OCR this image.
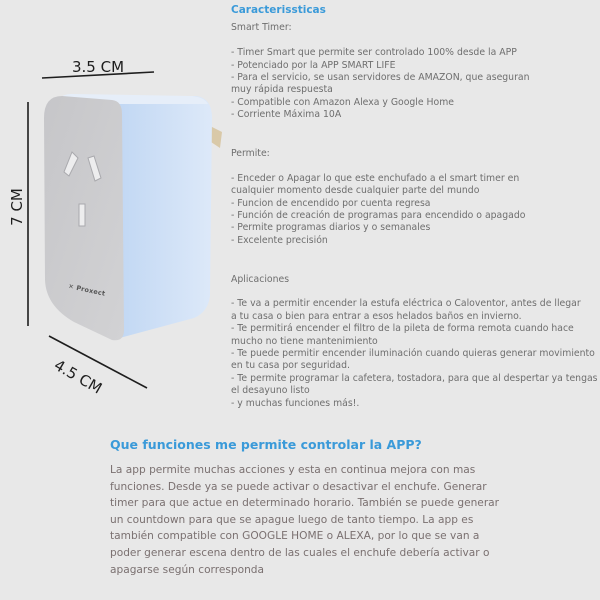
3.5 CM
7 CM
4.5 CM
✕ Proxect
Caracterissticas

Smart Timer:

- Timer Smart que permite ser controlado 100% desde la APP
- Potenciado por la APP SMART LIFE
- Para el servicio, se usan servidores de AMAZON, que aseguran muy rápida respuesta
- Compatible con Amazon Alexa y Google Home
- Corriente Máxima 10A

Permite:

- Enceder o Apagar lo que este enchufado a el smart timer en cualquier momento desde cualquier parte del mundo
- Funcion de encendido por cuenta regresa
- Función de creación de programas para encendido o apagado
- Permite programas diarios y o semanales
- Excelente precisión

Aplicaciones

- Te va a permitir encender la estufa eléctrica o Caloventor, antes de llegar a tu casa o bien para entrar a esos helados baños en invierno.
- Te permitirá encender el filtro de la pileta de forma remota cuando hace mucho no tiene mantenimiento
- Te puede permitir encender iluminación cuando quieras generar movimiento en tu casa por seguridad.
- Te permite programar la cafetera, tostadora, para que al despertar ya tengas el desayuno listo
- y muchas funciones más!.
Que funciones me permite controlar la APP?

La app permite muchas acciones y esta en continua mejora con mas funciones. Desde ya se puede activar o desactivar el enchufe. Generar timer para que actue en determinado horario. También se puede generar un countdown para que se apague luego de tanto tiempo. La app es también compatible con GOOGLE HOME o ALEXA, por lo que se van a poder generar escena dentro de las cuales el enchufe debería activar o apagarse según corresponda
